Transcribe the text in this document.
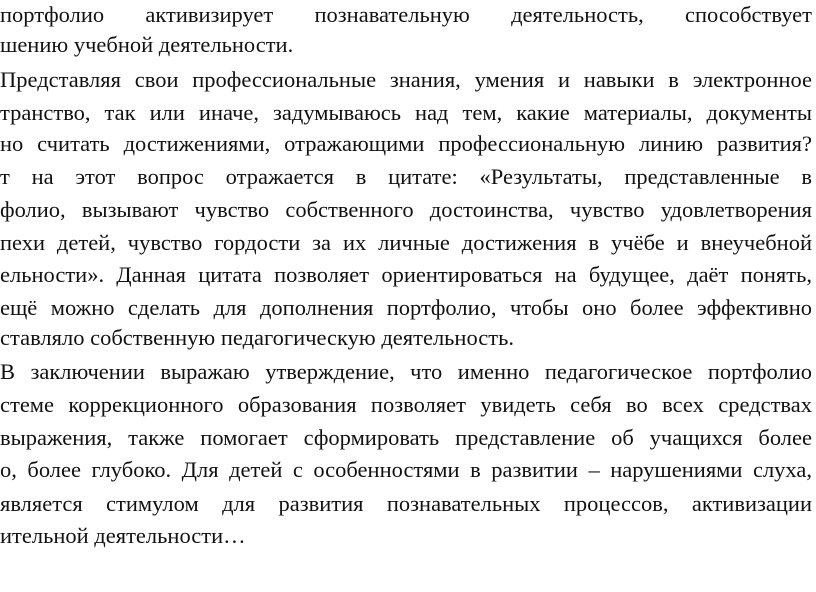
портфолио активизирует познавательную деятельность, способствует
шению учебной деятельности.
Представляя свои профессиональные знания, умения и навыки в электронное
транство, так или иначе, задумываюсь над тем, какие материалы, документы
но считать достижениями, отражающими профессиональную линию развития?
т на этот вопрос отражается в цитате: «Результаты, представленные в
фолио, вызывают чувство собственного достоинства, чувство удовлетворения
пехи детей, чувство гордости за их личные достижения в учёбе и внеучебной
ельности». Данная цитата позволяет ориентироваться на будущее, даёт понять,
ещё можно сделать для дополнения портфолио, чтобы оно более эффективно
ставляло собственную педагогическую деятельность.
В заключении выражаю утверждение, что именно педагогическое портфолио
стеме коррекционного образования позволяет увидеть себя во всех средствах
выражения, также помогает сформировать представление об учащихся более
о, более глубоко. Для детей с особенностями в развитии – нарушениями слуха,
является стимулом для развития познавательных процессов, активизации
ительной деятельности…
